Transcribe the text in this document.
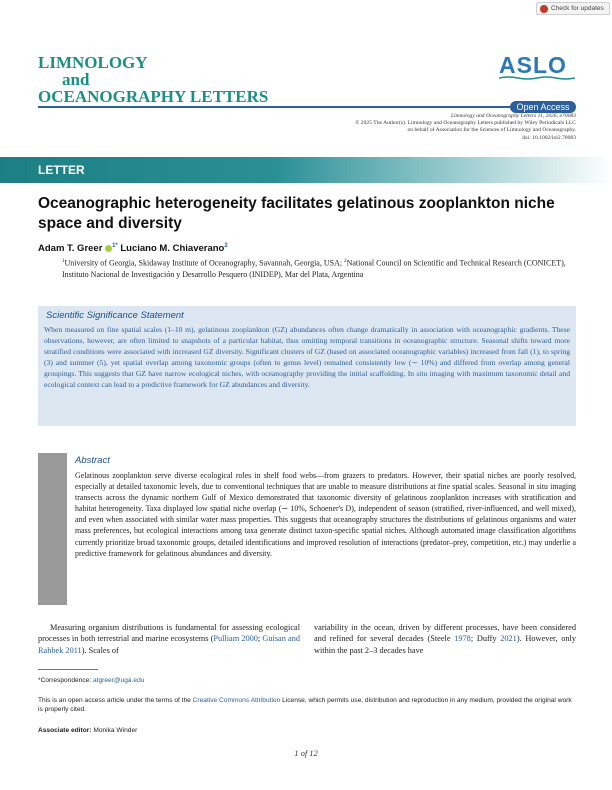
Check for updates
LIMNOLOGY
and
OCEANOGRAPHY LETTERS
ASLO
Open Access
Limnology and Oceanography Letters 11, 2026, e70083
© 2025 The Author(s). Limnology and Oceanography Letters published by Wiley Periodicals LLC
on behalf of Association for the Sciences of Limnology and Oceanography.
doi: 10.1002/lol2.70083
LETTER
Oceanographic heterogeneity facilitates gelatinous zooplankton niche space and diversity
Adam T. Greer $^{1*}$ Luciano M. Chiaverano$^2$
$^1$University of Georgia, Skidaway Institute of Oceanography, Savannah, Georgia, USA; $^2$National Council on Scientific and Technical Research (CONICET), Instituto Nacional de Investigación y Desarrollo Pesquero (INIDEP), Mar del Plata, Argentina
Scientific Significance Statement
When measured on fine spatial scales (1–10 m), gelatinous zooplankton (GZ) abundances often change dramatically in association with oceanographic gradients. These observations, however, are often limited to snapshots of a particular habitat, thus omitting temporal transitions in oceanographic structure. Seasonal shifts toward more stratified conditions were associated with increased GZ diversity. Significant clusters of GZ (based on associated oceanographic variables) increased from fall (1), to spring (3) and summer (5), yet spatial overlap among taxonomic groups (often to genus level) remained consistently low (∼ 10%) and differed from overlap among general groupings. This suggests that GZ have narrow ecological niches, with oceanography providing the initial scaffolding. In situ imaging with maximum taxonomic detail and ecological context can lead to a predictive framework for GZ abundances and diversity.
Abstract
Gelatinous zooplankton serve diverse ecological roles in shelf food webs—from grazers to predators. However, their spatial niches are poorly resolved, especially at detailed taxonomic levels, due to conventional techniques that are unable to measure distributions at fine spatial scales. Seasonal in situ imaging transects across the dynamic northern Gulf of Mexico demonstrated that taxonomic diversity of gelatinous zooplankton increases with stratification and habitat heterogeneity. Taxa displayed low spatial niche overlap (∼ 10%, Schoener's D), independent of season (stratified, river-influenced, and well mixed), and even when associated with similar water mass properties. This suggests that oceanography structures the distributions of gelatinous organisms and water mass preferences, but ecological interactions among taxa generate distinct taxon-specific spatial niches. Although automated image classification algorithms currently prioritize broad taxonomic groups, detailed identifications and improved resolution of interactions (predator–prey, competition, etc.) may underlie a predictive framework for gelatinous abundances and diversity.
Measuring organism distributions is fundamental for assessing ecological processes in both terrestrial and marine ecosystems (Pulliam 2000; Guisan and Rahbek 2011). Scales of
variability in the ocean, driven by different processes, have been considered and refined for several decades (Steele 1978; Duffy 2021). However, only within the past 2–3 decades have
*Correspondence: atgreer@uga.edu
This is an open access article under the terms of the Creative Commons Attribution License, which permits use, distribution and reproduction in any medium, provided the original work is properly cited.
Associate editor: Monika Winder
1 of 12
